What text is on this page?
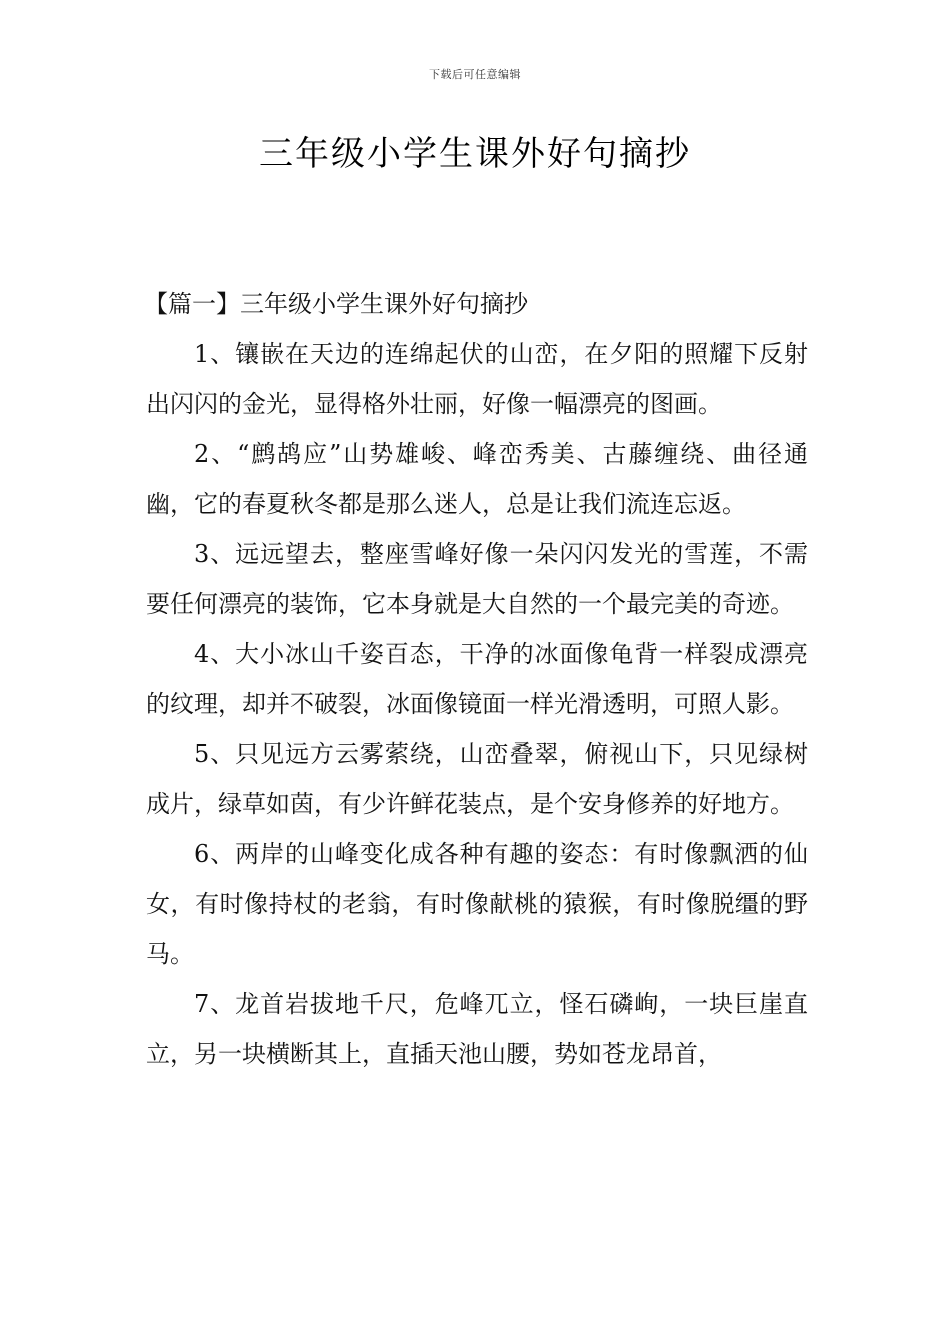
下载后可任意编辑
三年级小学生课外好句摘抄

【篇一】三年级小学生课外好句摘抄

1、镶嵌在天边的连绵起伏的山峦，在夕阳的照耀下反射出闪闪的金光，显得格外壮丽，好像一幅漂亮的图画。

2、“鹧鸪应”山势雄峻、峰峦秀美、古藤缠绕、曲径通幽，它的春夏秋冬都是那么迷人，总是让我们流连忘返。

3、远远望去，整座雪峰好像一朵闪闪发光的雪莲，不需要任何漂亮的装饰，它本身就是大自然的一个最完美的奇迹。

4、大小冰山千姿百态，干净的冰面像龟背一样裂成漂亮的纹理，却并不破裂，冰面像镜面一样光滑透明，可照人影。

5、只见远方云雾萦绕，山峦叠翠，俯视山下，只见绿树成片，绿草如茵，有少许鲜花装点，是个安身修养的好地方。

6、两岸的山峰变化成各种有趣的姿态：有时像飘洒的仙女，有时像持杖的老翁，有时像献桃的猿猴，有时像脱缰的野马。

7、龙首岩拔地千尺，危峰兀立，怪石磷峋，一块巨崖直立，另一块横断其上，直插天池山腰，势如苍龙昂首，
